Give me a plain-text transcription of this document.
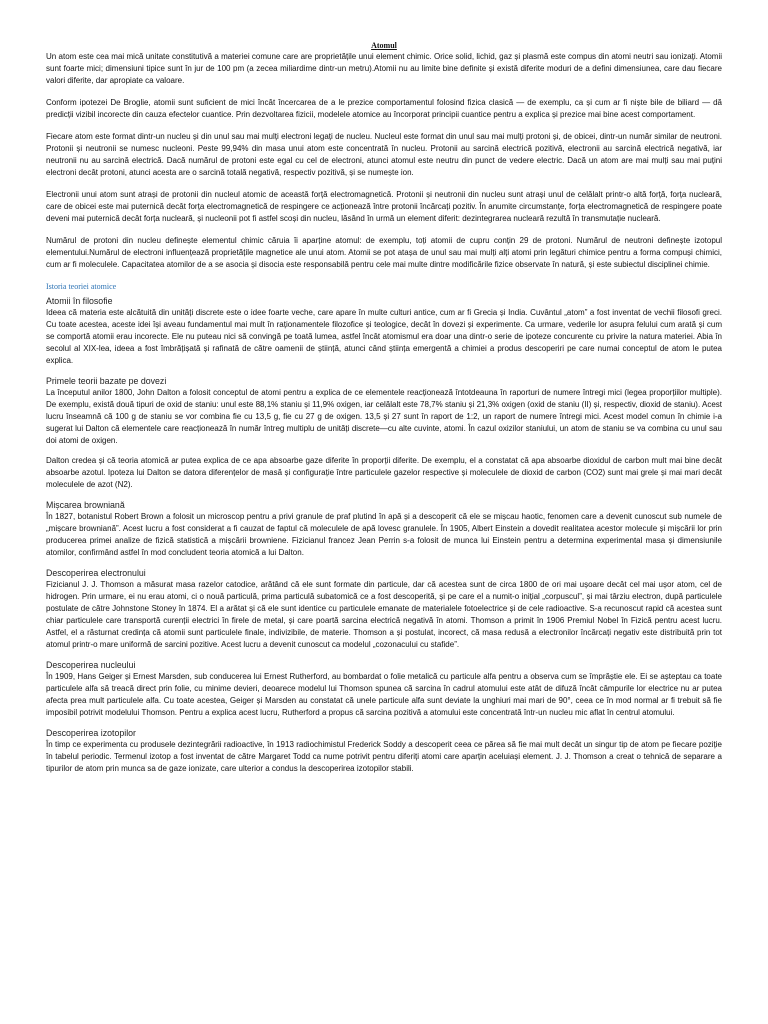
Atomul

Un atom este cea mai mică unitate constitutivă a materiei comune care are proprietățile unui element chimic. Orice solid, lichid, gaz și plasmă este compus din atomi neutri sau ionizați. Atomii sunt foarte mici; dimensiuni tipice sunt în jur de 100 pm (a zecea miliardime dintr-un metru).Atomii nu au limite bine definite și există diferite moduri de a defini dimensiunea, care dau fiecare valori diferite, dar apropiate ca valoare.

Conform ipotezei De Broglie, atomii sunt suficient de mici încât încercarea de a le prezice comportamentul folosind fizica clasică — de exemplu, ca și cum ar fi niște bile de biliard — dă predicții vizibil incorecte din cauza efectelor cuantice. Prin dezvoltarea fizicii, modelele atomice au încorporat principii cuantice pentru a explica și prezice mai bine acest comportament.

Fiecare atom este format dintr-un nucleu și din unul sau mai mulți electroni legați de nucleu. Nucleul este format din unul sau mai mulți protoni și, de obicei, dintr-un număr similar de neutroni. Protonii și neutronii se numesc nucleoni. Peste 99,94% din masa unui atom este concentrată în nucleu. Protonii au sarcină electrică pozitivă, electronii au sarcină electrică negativă, iar neutronii nu au sarcină electrică. Dacă numărul de protoni este egal cu cel de electroni, atunci atomul este neutru din punct de vedere electric. Dacă un atom are mai mulți sau mai puțini electroni decât protoni, atunci acesta are o sarcină totală negativă, respectiv pozitivă, și se numește ion.

Electronii unui atom sunt atrași de protonii din nucleul atomic de această forță electromagnetică. Protonii și neutronii din nucleu sunt atrași unul de celălalt printr-o altă forță, forța nucleară, care de obicei este mai puternică decât forța electromagnetică de respingere ce acționează între protonii încărcați pozitiv. În anumite circumstanțe, forța electromagnetică de respingere poate deveni mai puternică decât forța nucleară, și nucleonii pot fi astfel scoși din nucleu, lăsând în urmă un element diferit: dezintegrarea nucleară rezultă în transmutație nucleară.

Numărul de protoni din nucleu definește elementul chimic căruia îi aparține atomul: de exemplu, toți atomii de cupru conțin 29 de protoni. Numărul de neutroni definește izotopul elementului.Numărul de electroni influențează proprietățile magnetice ale unui atom. Atomii se pot atașa de unul sau mai mulți alți atomi prin legături chimice pentru a forma compuși chimici, cum ar fi moleculele. Capacitatea atomilor de a se asocia și disocia este responsabilă pentru cele mai multe dintre modificările fizice observate în natură, și este subiectul disciplinei chimie.

Istoria teoriei atomice
Atomii în filosofie

Ideea că materia este alcătuită din unități discrete este o idee foarte veche, care apare în multe culturi antice, cum ar fi Grecia și India. Cuvântul „atom” a fost inventat de vechii filosofi greci. Cu toate acestea, aceste idei își aveau fundamentul mai mult în raționamentele filozofice și teologice, decât în dovezi și experimente. Ca urmare, vederile lor asupra felului cum arată și cum se comportă atomii erau incorecte. Ele nu puteau nici să convingă pe toată lumea, astfel încât atomismul era doar una dintr-o serie de ipoteze concurente cu privire la natura materiei. Abia în secolul al XIX-lea, ideea a fost îmbrățișată și rafinată de către oamenii de știință, atunci când știința emergentă a chimiei a produs descoperiri pe care numai conceptul de atom le putea explica.

Primele teorii bazate pe dovezi

La începutul anilor 1800, John Dalton a folosit conceptul de atomi pentru a explica de ce elementele reacționează întotdeauna în raporturi de numere întregi mici (legea proporțiilor multiple). De exemplu, există două tipuri de oxid de staniu: unul este 88,1% staniu și 11,9% oxigen, iar celălalt este 78,7% staniu și 21,3% oxigen (oxid de staniu (II) și, respectiv, dioxid de staniu). Acest lucru înseamnă că 100 g de staniu se vor combina fie cu 13,5 g, fie cu 27 g de oxigen. 13,5 și 27 sunt în raport de 1:2, un raport de numere întregi mici. Acest model comun în chimie i-a sugerat lui Dalton că elementele care reacționează în număr întreg multiplu de unități discrete—cu alte cuvinte, atomi. În cazul oxizilor staniului, un atom de staniu se va combina cu unul sau doi atomi de oxigen.

Dalton credea și că teoria atomică ar putea explica de ce apa absoarbe gaze diferite în proporții diferite. De exemplu, el a constatat că apa absoarbe dioxidul de carbon mult mai bine decât absoarbe azotul. Ipoteza lui Dalton se datora diferențelor de masă și configurație între particulele gazelor respective și moleculele de dioxid de carbon (CO2) sunt mai grele și mai mari decât moleculele de azot (N2).

Mișcarea browniană

În 1827, botanistul Robert Brown a folosit un microscop pentru a privi granule de praf plutind în apă și a descoperit că ele se mișcau haotic, fenomen care a devenit cunoscut sub numele de „mișcare browniană”. Acest lucru a fost considerat a fi cauzat de faptul că moleculele de apă lovesc granulele. În 1905, Albert Einstein a dovedit realitatea acestor molecule și mișcării lor prin producerea primei analize de fizică statistică a mișcării browniene. Fizicianul francez Jean Perrin s-a folosit de munca lui Einstein pentru a determina experimental masa și dimensiunile atomilor, confirmând astfel în mod concludent teoria atomică a lui Dalton.

Descoperirea electronului

Fizicianul J. J. Thomson a măsurat masa razelor catodice, arătând că ele sunt formate din particule, dar că acestea sunt de circa 1800 de ori mai ușoare decât cel mai ușor atom, cel de hidrogen. Prin urmare, ei nu erau atomi, ci o nouă particulă, prima particulă subatomică ce a fost descoperită, și pe care el a numit-o inițial „corpuscul”, și mai târziu electron, după particulele postulate de către Johnstone Stoney în 1874. El a arătat și că ele sunt identice cu particulele emanate de materialele fotoelectrice și de cele radioactive. S-a recunoscut rapid că acestea sunt chiar particulele care transportă curenții electrici în firele de metal, și care poartă sarcina electrică negativă în atomi. Thomson a primit în 1906 Premiul Nobel în Fizică pentru acest lucru. Astfel, el a răsturnat credința că atomii sunt particulele finale, indivizibile, de materie. Thomson a și postulat, incorect, că masa redusă a electronilor încărcați negativ este distribuită prin tot atomul printr-o mare uniformă de sarcini pozitive. Acest lucru a devenit cunoscut ca modelul „cozonacului cu stafide”.

Descoperirea nucleului

În 1909, Hans Geiger și Ernest Marsden, sub conducerea lui Ernest Rutherford, au bombardat o folie metalică cu particule alfa pentru a observa cum se împrăștie ele. Ei se așteptau ca toate particulele alfa să treacă direct prin folie, cu minime devieri, deoarece modelul lui Thomson spunea că sarcina în cadrul atomului este atât de difuză încât câmpurile lor electrice nu ar putea afecta prea mult particulele alfa. Cu toate acestea, Geiger și Marsden au constatat că unele particule alfa sunt deviate la unghiuri mai mari de 90°, ceea ce în mod normal ar fi trebuit să fie imposibil potrivit modelului Thomson. Pentru a explica acest lucru, Rutherford a propus că sarcina pozitivă a atomului este concentrată într-un nucleu mic aflat în centrul atomului.

Descoperirea izotopilor

În timp ce experimenta cu produsele dezintegrării radioactive, în 1913 radiochimistul Frederick Soddy a descoperit ceea ce părea să fie mai mult decât un singur tip de atom pe fiecare poziție în tabelul periodic. Termenul izotop a fost inventat de către Margaret Todd ca nume potrivit pentru diferiți atomi care aparțin aceluiași element. J. J. Thomson a creat o tehnică de separare a tipurilor de atom prin munca sa de gaze ionizate, care ulterior a condus la descoperirea izotopilor stabili.
